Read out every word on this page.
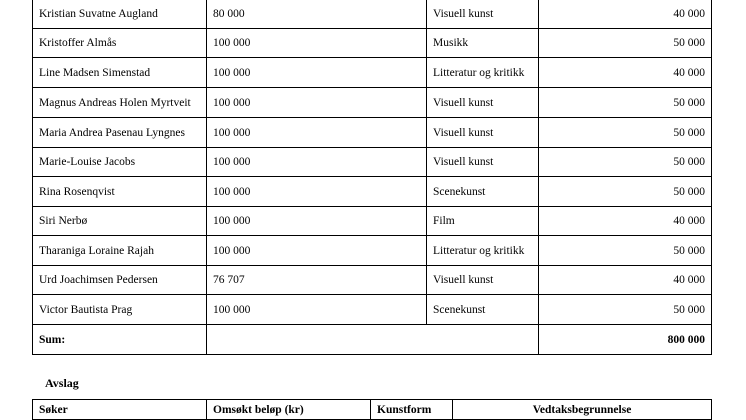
Kristian Suvatne Augland	80 000	Visuell kunst	40 000
Kristoffer Almås	100 000	Musikk	50 000
Line Madsen Simenstad	100 000	Litteratur og kritikk	40 000
Magnus Andreas Holen Myrtveit	100 000	Visuell kunst	50 000
Maria Andrea Pasenau Lyngnes	100 000	Visuell kunst	50 000
Marie-Louise Jacobs	100 000	Visuell kunst	50 000
Rina Rosenqvist	100 000	Scenekunst	50 000
Siri Nerbø	100 000	Film	40 000
Tharaniga Loraine Rajah	100 000	Litteratur og kritikk	50 000
Urd Joachimsen Pedersen	76 707	Visuell kunst	40 000
Victor Bautista Prag	100 000	Scenekunst	50 000
Sum:			800 000
Avslag
Søker	Omsøkt beløp (kr)	Kunstform	Vedtaksbegrunnelse
